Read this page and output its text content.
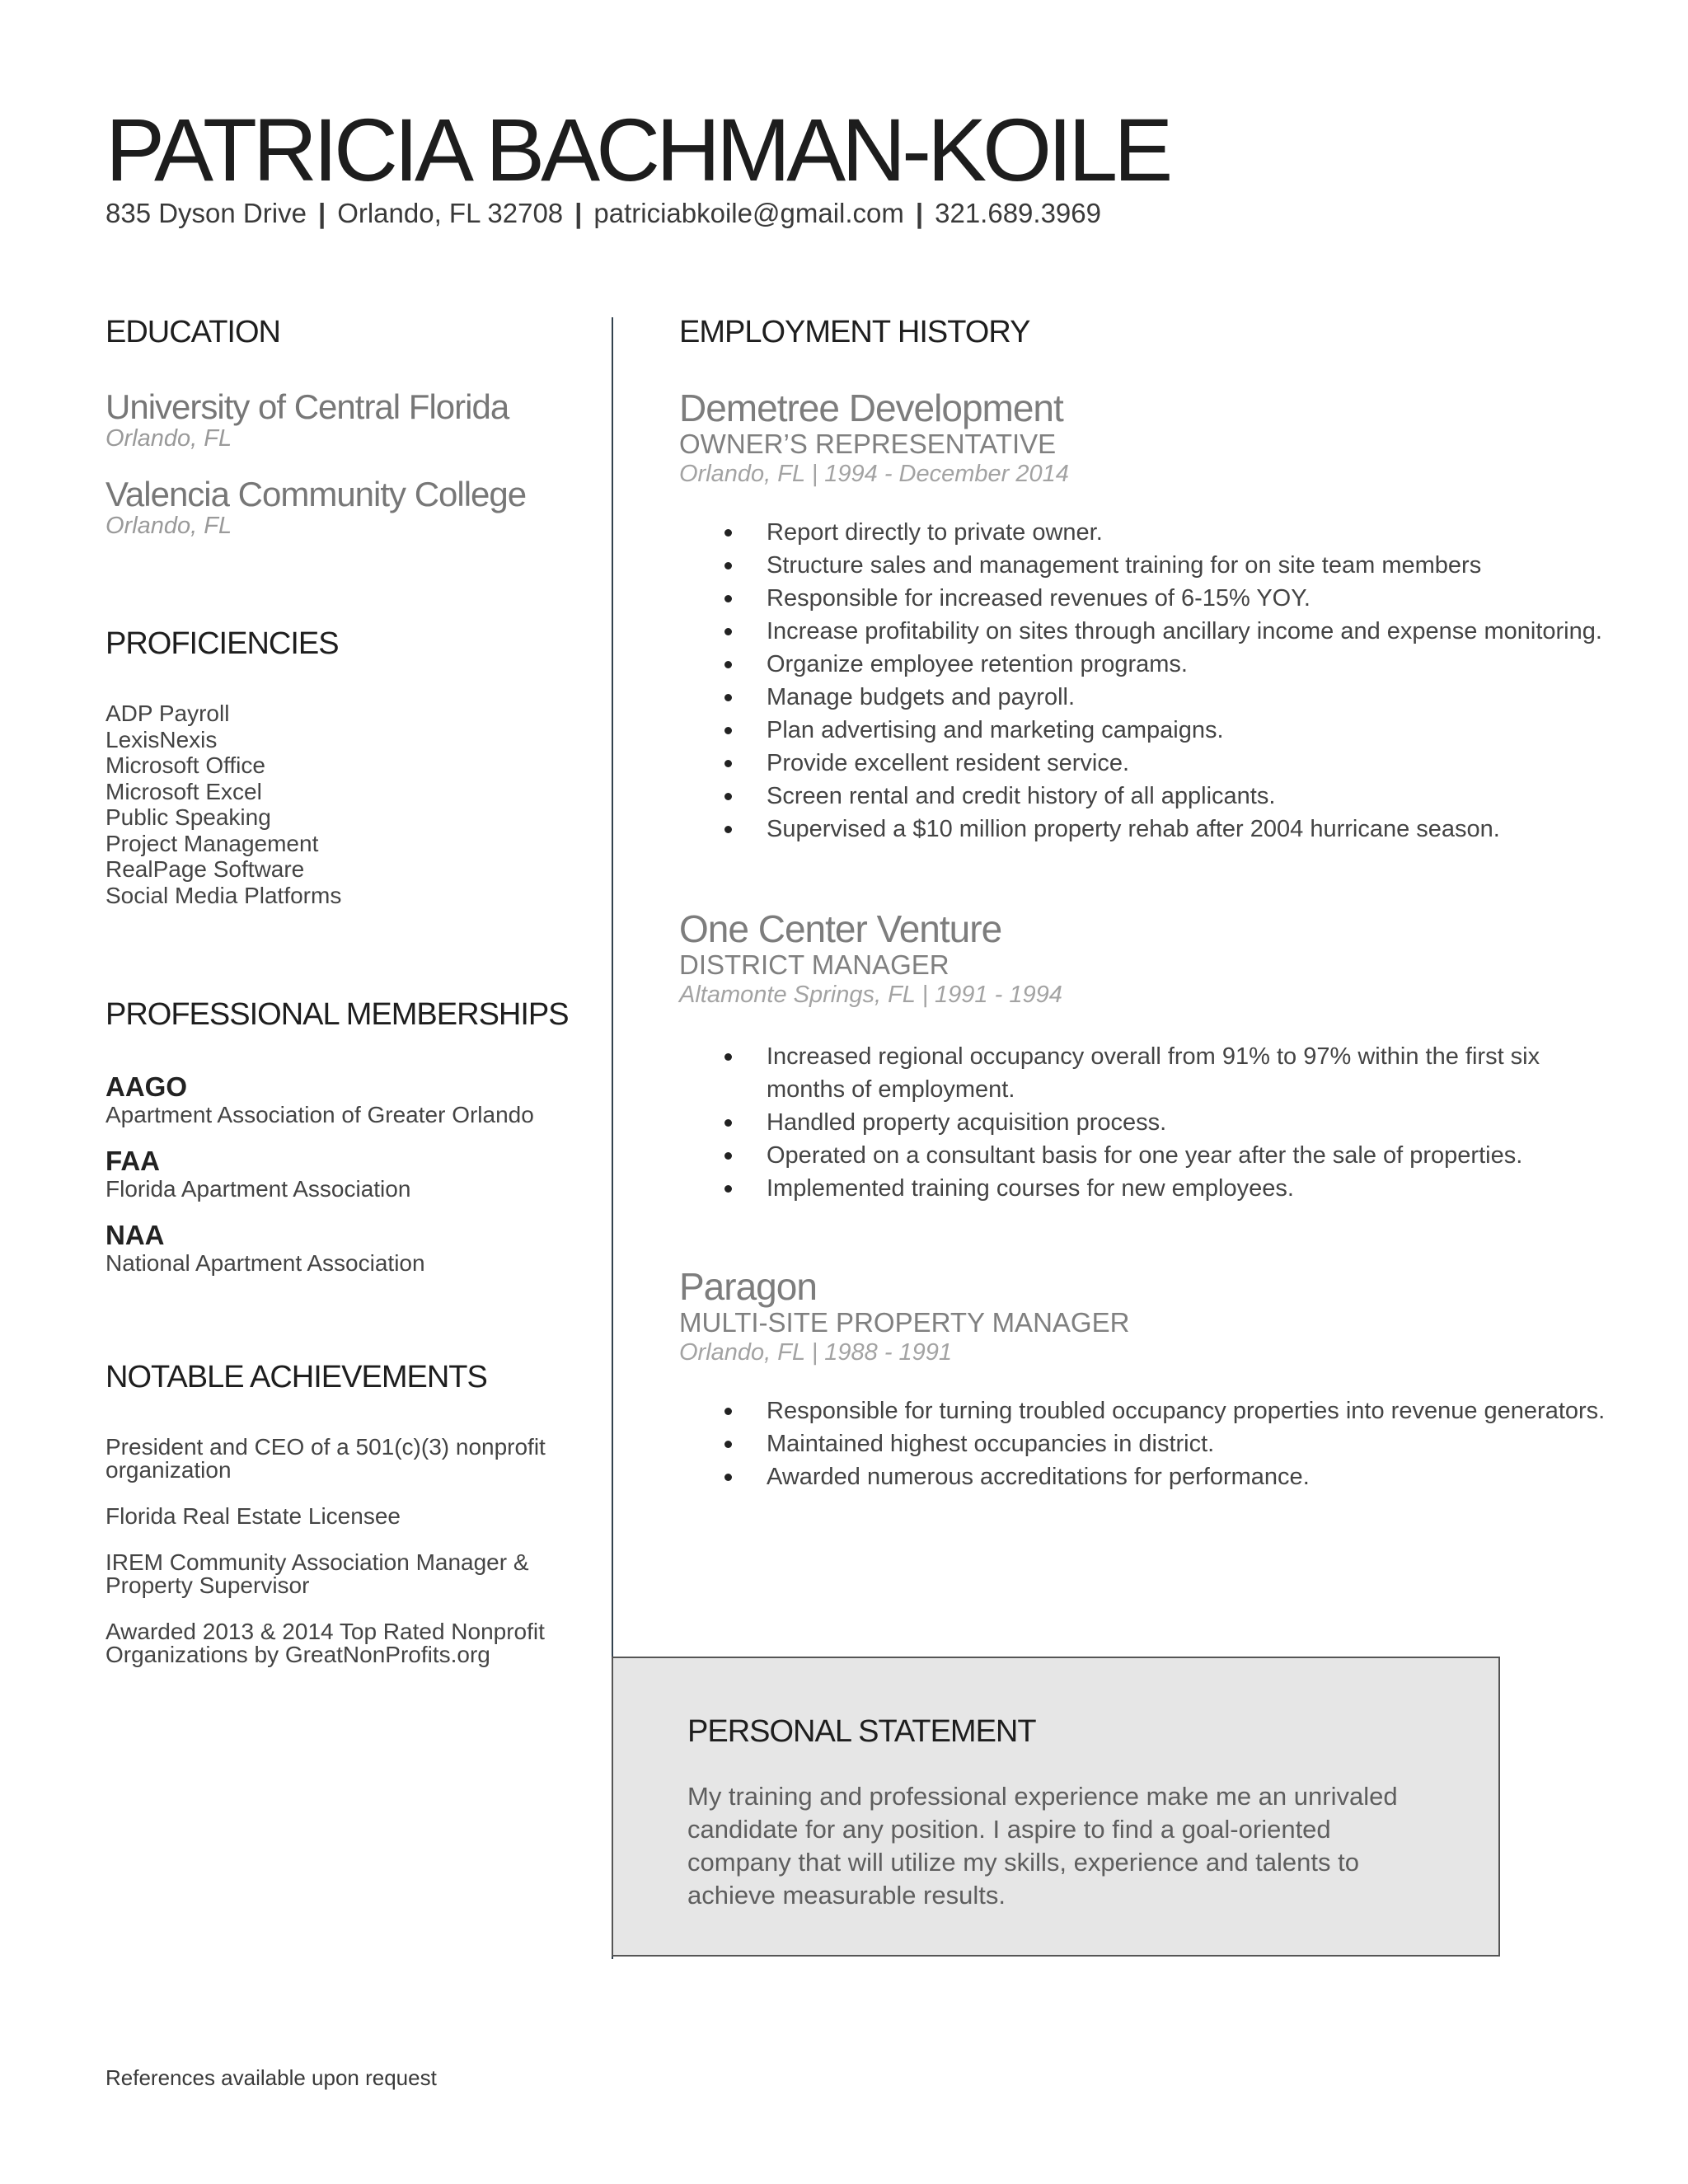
PATRICIA BACHMAN-KOILE
835 Dyson Drive | Orlando, FL 32708 | patriciabkoile@gmail.com | 321.689.3969
EDUCATION
University of Central Florida
Orlando, FL
Valencia Community College
Orlando, FL
PROFICIENCIES
ADP Payroll
LexisNexis
Microsoft Office
Microsoft Excel
Public Speaking
Project Management
RealPage Software
Social Media Platforms
PROFESSIONAL MEMBERSHIPS
AAGO
Apartment Association of Greater Orlando
FAA
Florida Apartment Association
NAA
National Apartment Association
NOTABLE ACHIEVEMENTS
President and CEO of a 501(c)(3) nonprofit organization
Florida Real Estate Licensee
IREM Community Association Manager & Property Supervisor
Awarded 2013 & 2014 Top Rated Nonprofit Organizations by GreatNonProfits.org
EMPLOYMENT HISTORY
Demetree Development
OWNER’S REPRESENTATIVE
Orlando, FL | 1994 - December 2014
Report directly to private owner.
Structure sales and management training for on site team members
Responsible for increased revenues of 6-15% YOY.
Increase profitability on sites through ancillary income and expense monitoring.
Organize employee retention programs.
Manage budgets and payroll.
Plan advertising and marketing campaigns.
Provide excellent resident service.
Screen rental and credit history of all applicants.
Supervised a $10 million property rehab after 2004 hurricane season.
One Center Venture
DISTRICT MANAGER
Altamonte Springs, FL | 1991 - 1994
Increased regional occupancy overall from 91% to 97% within the first six months of employment.
Handled property acquisition process.
Operated on a consultant basis for one year after the sale of properties.
Implemented training courses for new employees.
Paragon
MULTI-SITE PROPERTY MANAGER
Orlando, FL | 1988 - 1991
Responsible for turning troubled occupancy properties into revenue generators.
Maintained highest occupancies in district.
Awarded numerous accreditations for performance.
PERSONAL STATEMENT
My training and professional experience make me an unrivaled candidate for any position. I aspire to find a goal-oriented company that will utilize my skills, experience and talents to achieve measurable results.
References available upon request
